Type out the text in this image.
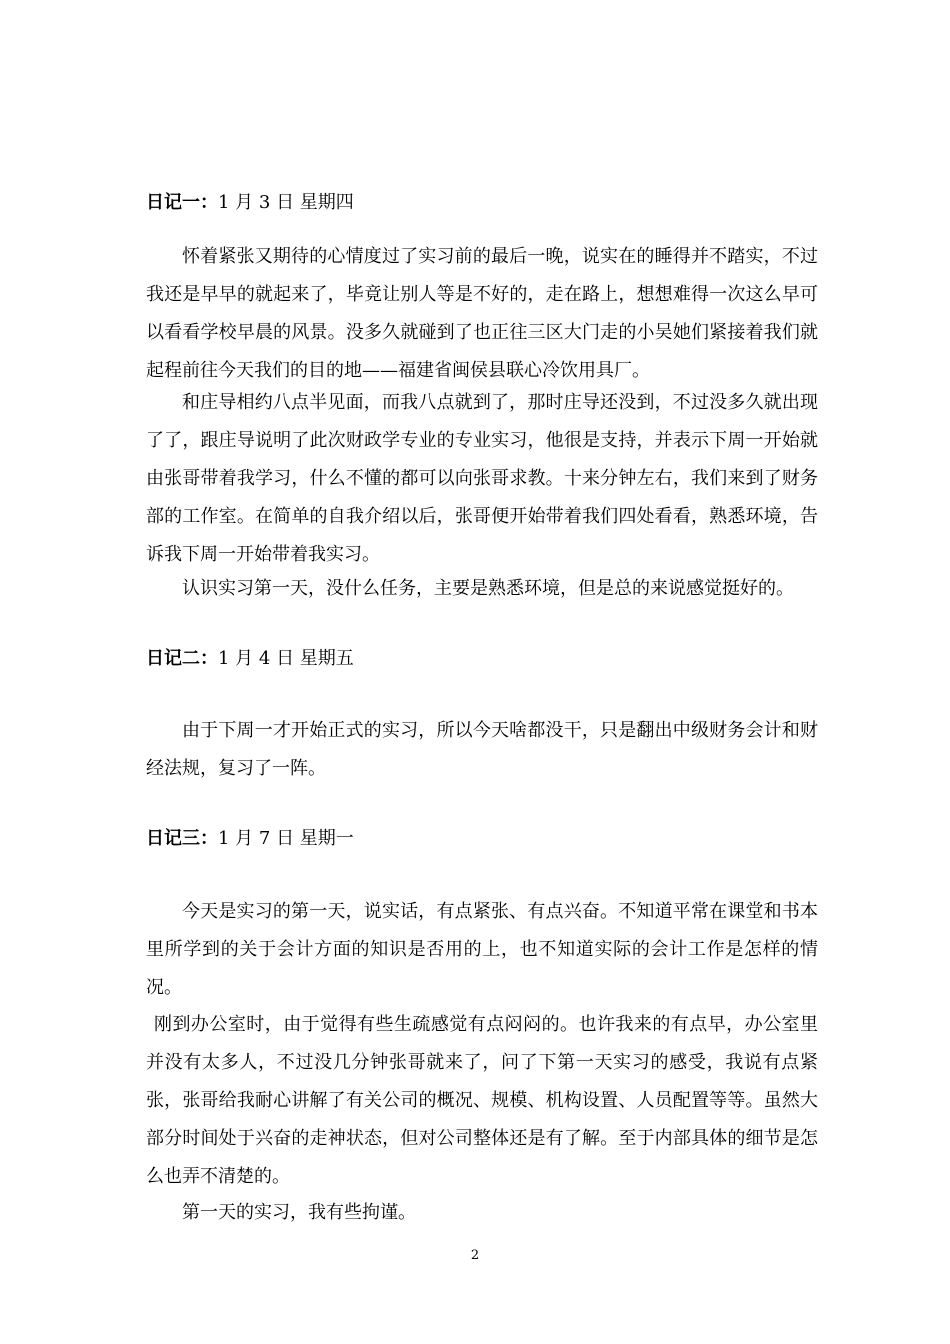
日记一：1 月 3 日 星期四

怀着紧张又期待的心情度过了实习前的最后一晚，说实在的睡得并不踏实，不过我还是早早的就起来了，毕竟让别人等是不好的，走在路上，想想难得一次这么早可以看看学校早晨的风景。没多久就碰到了也正往三区大门走的小吴她们紧接着我们就起程前往今天我们的目的地——福建省闽侯县联心冷饮用具厂。

和庄导相约八点半见面，而我八点就到了，那时庄导还没到，不过没多久就出现了了，跟庄导说明了此次财政学专业的专业实习，他很是支持，并表示下周一开始就由张哥带着我学习，什么不懂的都可以向张哥求教。十来分钟左右，我们来到了财务部的工作室。在简单的自我介绍以后，张哥便开始带着我们四处看看，熟悉环境，告诉我下周一开始带着我实习。

认识实习第一天，没什么任务，主要是熟悉环境，但是总的来说感觉挺好的。

日记二：1 月 4 日 星期五

由于下周一才开始正式的实习，所以今天啥都没干，只是翻出中级财务会计和财经法规，复习了一阵。

日记三：1 月 7 日 星期一

今天是实习的第一天，说实话，有点紧张、有点兴奋。不知道平常在课堂和书本里所学到的关于会计方面的知识是否用的上，也不知道实际的会计工作是怎样的情况。

刚到办公室时，由于觉得有些生疏感觉有点闷闷的。也许我来的有点早，办公室里并没有太多人，不过没几分钟张哥就来了，问了下第一天实习的感受，我说有点紧张，张哥给我耐心讲解了有关公司的概况、规模、机构设置、人员配置等等。虽然大部分时间处于兴奋的走神状态，但对公司整体还是有了解。至于内部具体的细节是怎么也弄不清楚的。

第一天的实习，我有些拘谨。

2
